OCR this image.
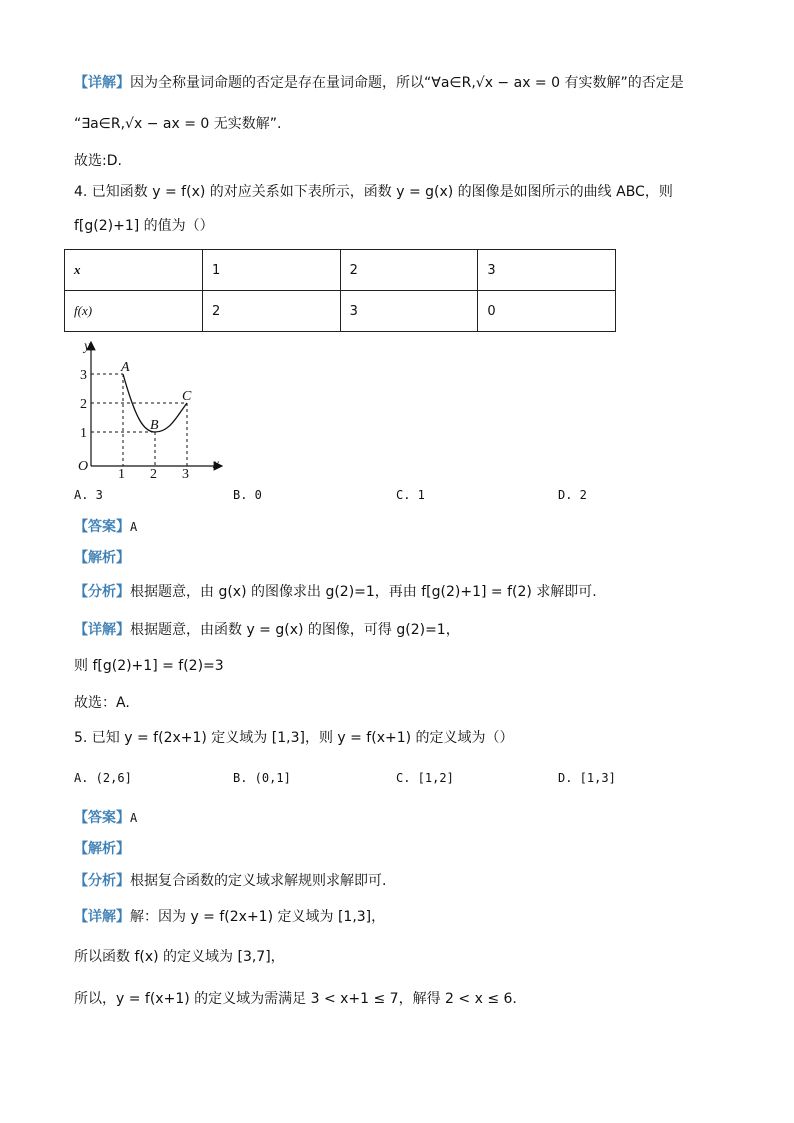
【详解】因为全称量词命题的否定是存在量词命题，所以“∀a∈R,√x − ax = 0 有实数解”的否定是
“∃a∈R,√x − ax = 0 无实数解”.
故选:D.
4. 已知函数 y = f(x) 的对应关系如下表所示，函数 y = g(x) 的图像是如图所示的曲线 ABC，则
f[g(2)+1] 的值为（）
x	1	2	3
f(x)	2	3	0
y
x
O
1 2 3
1
2
3
A
B
C
A. 3	B. 0	C. 1	D. 2
【答案】A
【解析】
【分析】根据题意，由 g(x) 的图像求出 g(2)=1，再由 f[g(2)+1] = f(2) 求解即可.
【详解】根据题意，由函数 y = g(x) 的图像，可得 g(2)=1，
则 f[g(2)+1] = f(2)=3
故选：A.
5. 已知 y = f(2x+1) 定义域为 [1,3]，则 y = f(x+1) 的定义域为（）
A. (2,6]	B. (0,1]	C. [1,2]	D. [1,3]
【答案】A
【解析】
【分析】根据复合函数的定义域求解规则求解即可.
【详解】解：因为 y = f(2x+1) 定义域为 [1,3]，
所以函数 f(x) 的定义域为 [3,7]，
所以，y = f(x+1) 的定义域为需满足 3 < x+1 ≤ 7，解得 2 < x ≤ 6.
